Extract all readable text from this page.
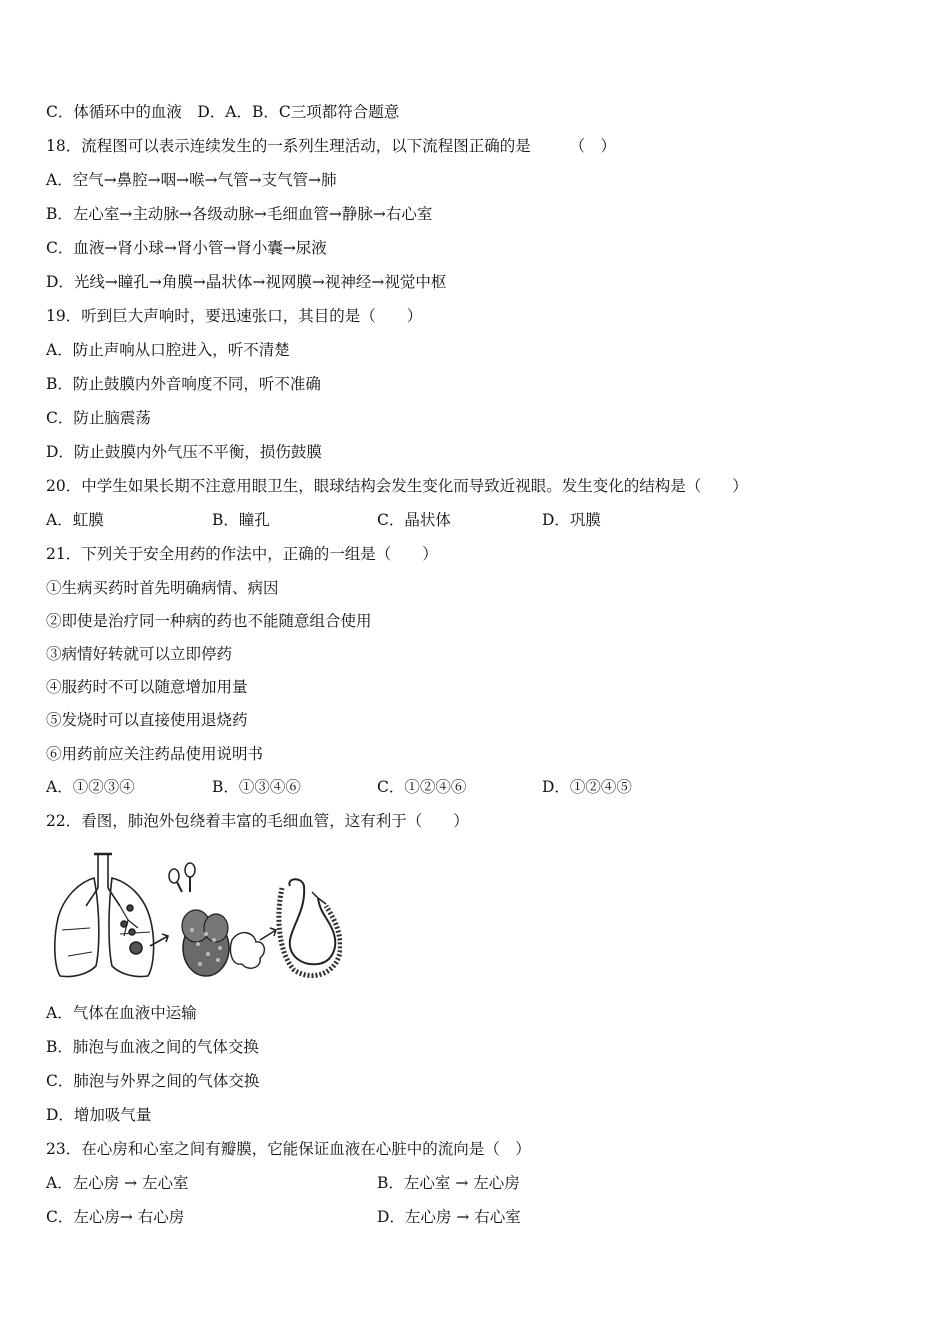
C．体循环中的血液　D．A．B．C三项都符合题意
18．流程图可以表示连续发生的一系列生理活动，以下流程图正确的是　　　（　）
A．空气→鼻腔→咽→喉→气管→支气管→肺
B．左心室→主动脉→各级动脉→毛细血管→静脉→右心室
C．血液→肾小球→肾小管→肾小囊→尿液
D．光线→瞳孔→角膜→晶状体→视网膜→视神经→视觉中枢
19．听到巨大声响时，要迅速张口，其目的是（　　）
A．防止声响从口腔进入，听不清楚
B．防止鼓膜内外音响度不同，听不准确
C．防止脑震荡
D．防止鼓膜内外气压不平衡，损伤鼓膜
20．中学生如果长期不注意用眼卫生，眼球结构会发生变化而导致近视眼。发生变化的结构是（　　）
A．虹膜	B．瞳孔	C．晶状体	D．巩膜
21．下列关于安全用药的作法中，正确的一组是（　　）
①生病买药时首先明确病情、病因
②即使是治疗同一种病的药也不能随意组合使用
③病情好转就可以立即停药
④服药时不可以随意增加用量
⑤发烧时可以直接使用退烧药
⑥用药前应关注药品使用说明书
A．①②③④	B．①③④⑥	C．①②④⑥	D．①②④⑤
22．看图，肺泡外包绕着丰富的毛细血管，这有利于（　　）
A．气体在血液中运输
B．肺泡与血液之间的气体交换
C．肺泡与外界之间的气体交换
D．增加吸气量
23．在心房和心室之间有瓣膜，它能保证血液在心脏中的流向是（　）
A．左心房 → 左心室	B．左心室 → 左心房
C．左心房→ 右心房	D．左心房 → 右心室
